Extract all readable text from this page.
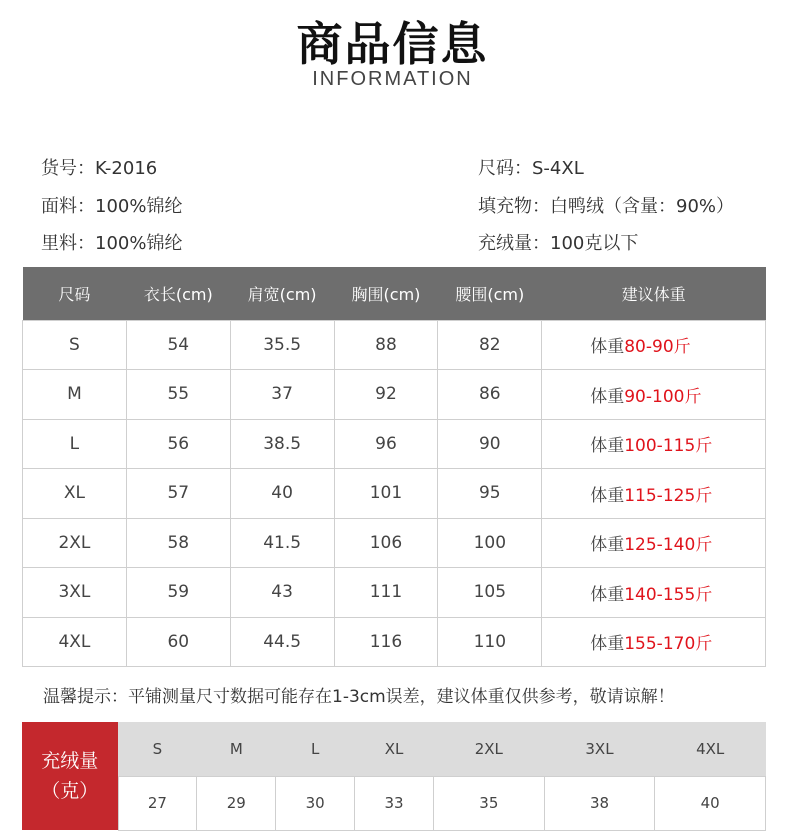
商品信息
INFORMATION
货号：K-2016	尺码：S-4XL
面料：100%锦纶	填充物：白鸭绒（含量：90%）
里料：100%锦纶	充绒量：100克以下
尺码	衣长(cm)	肩宽(cm)	胸围(cm)	腰围(cm)	建议体重
S	54	35.5	88	82	体重80-90斤
M	55	37	92	86	体重90-100斤
L	56	38.5	96	90	体重100-115斤
XL	57	40	101	95	体重115-125斤
2XL	58	41.5	106	100	体重125-140斤
3XL	59	43	111	105	体重140-155斤
4XL	60	44.5	116	110	体重155-170斤
温馨提示：平铺测量尺寸数据可能存在1-3cm误差，建议体重仅供参考，敬请谅解！
充绒量
（克）	S	M	L	XL	2XL	3XL	4XL
	27	29	30	33	35	38	40
